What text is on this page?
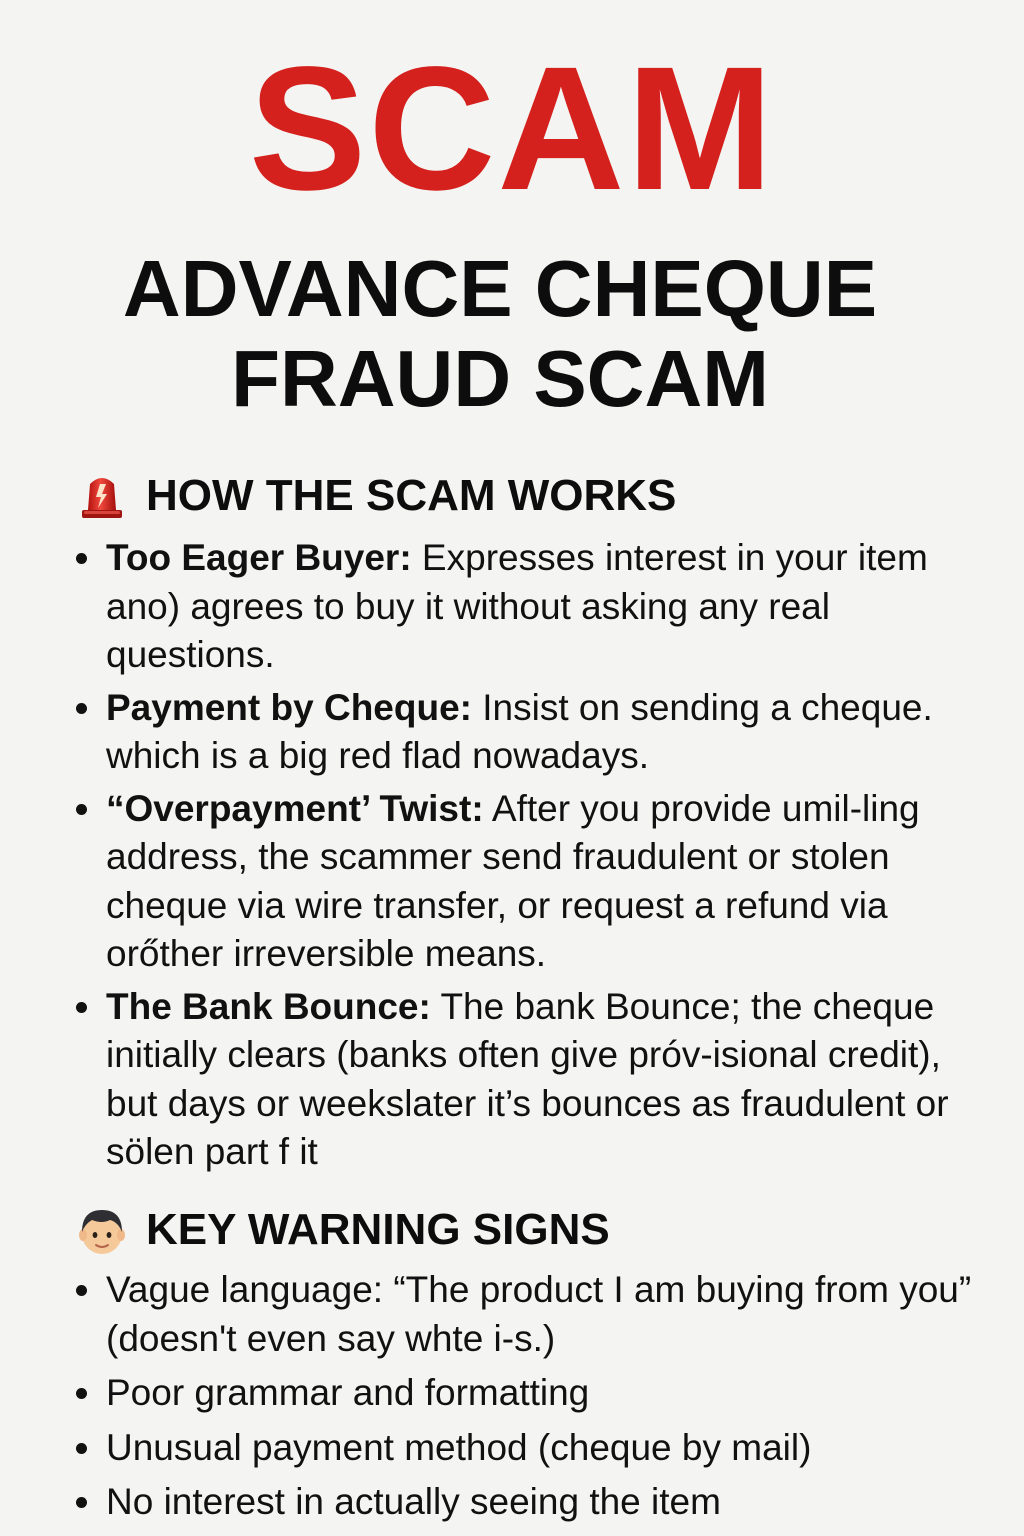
SCAM
ADVANCE CHEQUE
FRAUD SCAM
HOW THE SCAM WORKS
Too Eager Buyer: Expresses interest in your item ano) agrees to buy it without asking any real questions.
Payment by Cheque: Insist on sending a cheque. which is a big red flad nowadays.
“Overpayment’ Twist: After you provide umil-ling address, the scammer send fraudulent or stolen cheque via wire transfer, or request a refund via orőther irreversible means.
The Bank Bounce: The bank Bounce; the cheque initially clears (banks often give próv-isional credit), but days or weekslater it’s bounces as fraudulent or sölen part f it
KEY WARNING SIGNS
Vague language: “The product I am buying from you” (doesn't even say whte i-s.)
Poor grammar and formatting
Unusual payment method (cheque by mail)
No interest in actually seeing the item
